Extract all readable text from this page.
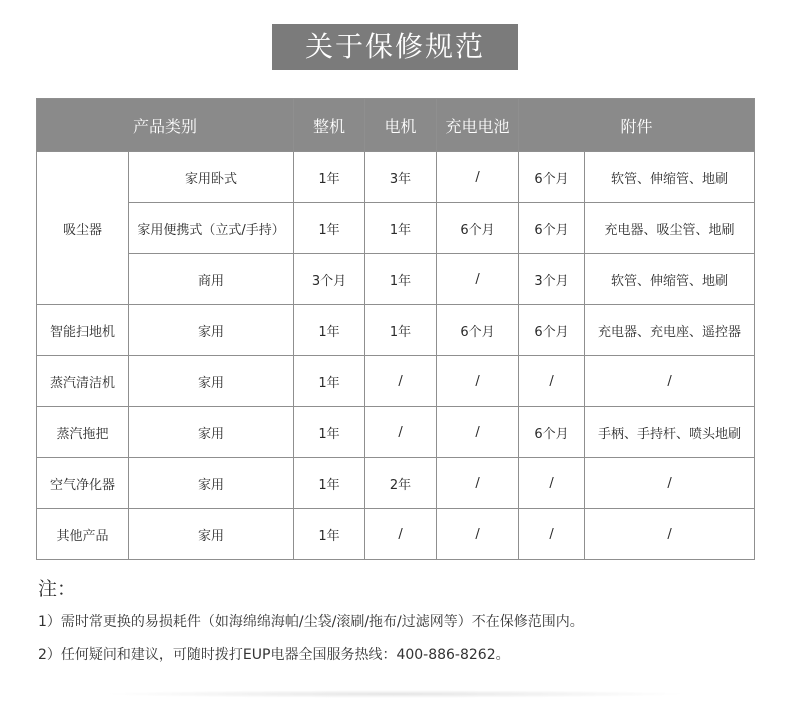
关于保修规范
产品类别		整机	电机	充电电池	附件	
吸尘器	家用卧式	1年	3年	/	6个月	软管、伸缩管、地刷
	家用便携式（立式/手持）	1年	1年	6个月	6个月	充电器、吸尘管、地刷
	商用	3个月	1年	/	3个月	软管、伸缩管、地刷
智能扫地机	家用	1年	1年	6个月	6个月	充电器、充电座、遥控器
蒸汽清洁机	家用	1年	/	/	/	/
蒸汽拖把	家用	1年	/	/	6个月	手柄、手持杆、喷头地刷
空气净化器	家用	1年	2年	/	/	/
其他产品	家用	1年	/	/	/	/
注：
1）需时常更换的易损耗件（如海绵绵海帕/尘袋/滚刷/拖布/过滤网等）不在保修范围内。
2）任何疑问和建议，可随时拨打EUP电器全国服务热线：400-886-8262。
